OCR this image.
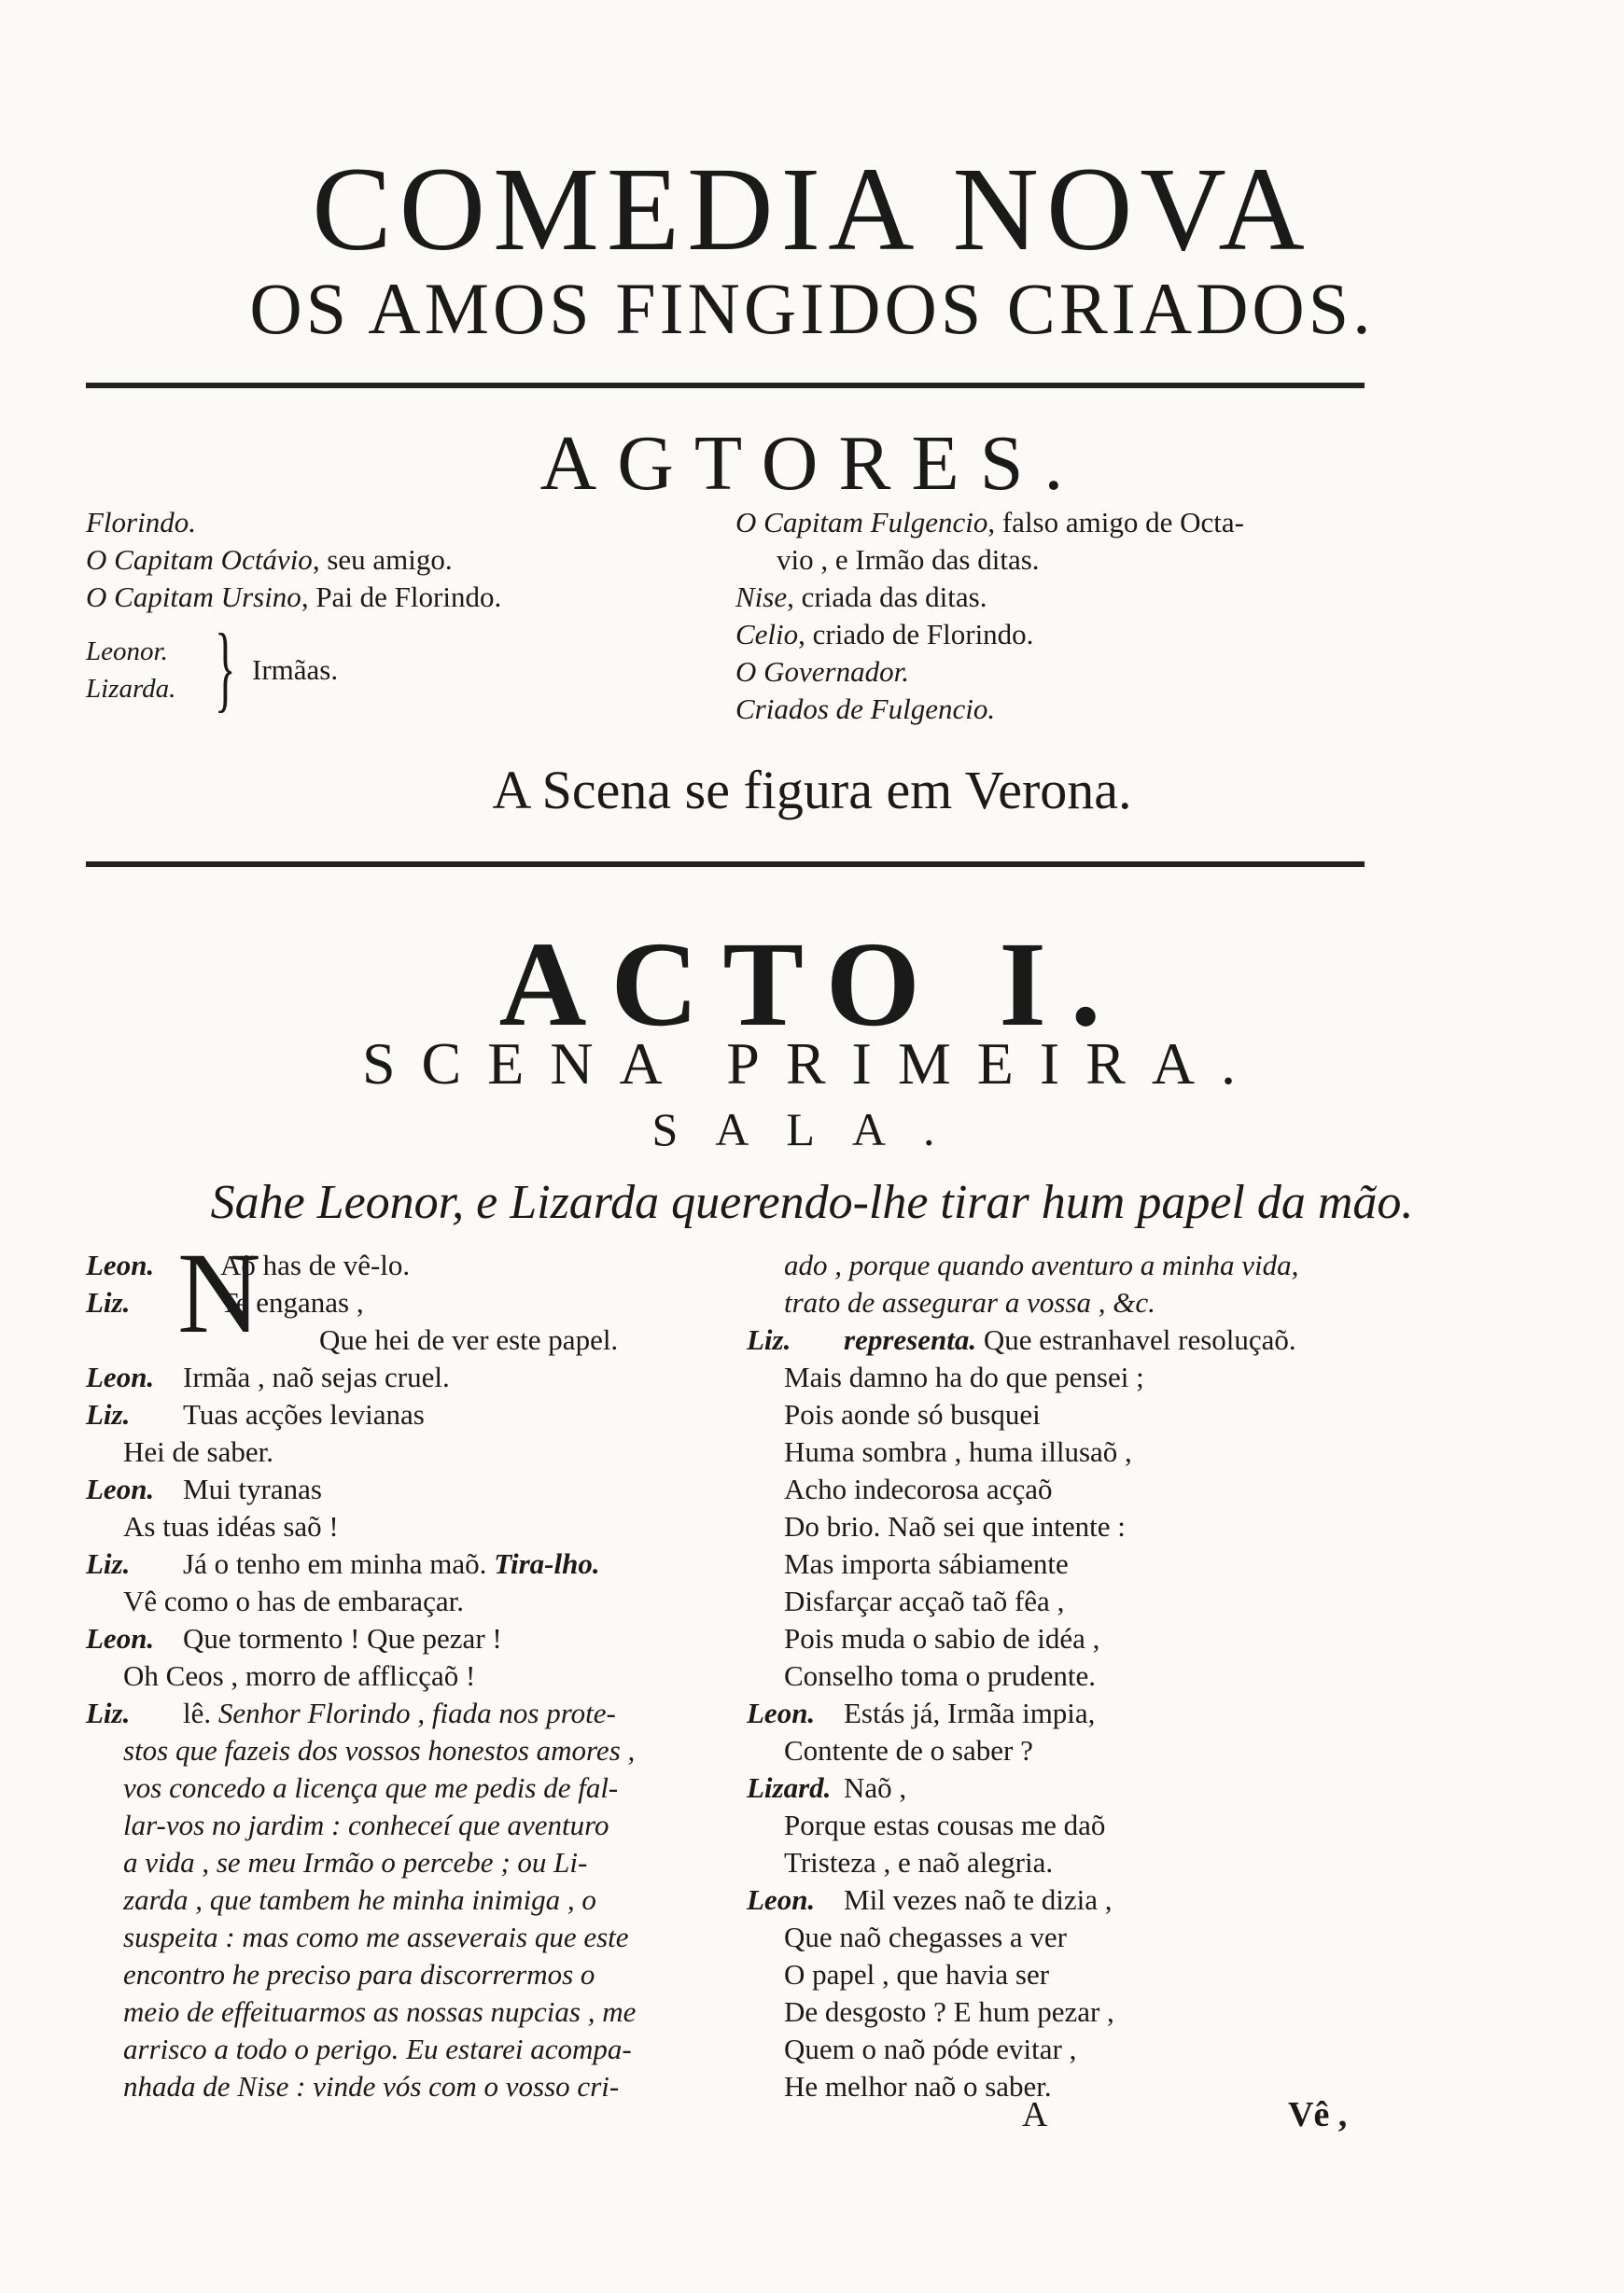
COMEDIA NOVA
OS AMOS FINGIDOS CRIADOS.
AGTORES.
Florindo.
O Capitam Octávio, seu amigo.
O Capitam Ursino, Pai de Florindo.
Leonor.
Lizarda. } Irmãas.
O Capitam Fulgencio, falso amigo de Octa-
vio , e Irmão das ditas.
Nise, criada das ditas.
Celio, criado de Florindo.
O Governador.
Criados de Fulgencio.
A Scena se figura em Verona.
ACTO I.
SCENA PRIMEIRA.
SALA.
Sahe Leonor, e Lizarda querendo-lhe tirar hum papel da mão.
N
Leon. Aõ has de vê-lo.
Liz.	Te enganas ,
Que hei de ver este papel.
Leon. Irmãa , naõ sejas cruel.
Liz. Tuas acções levianas
Hei de saber.
Leon. Mui tyranas
As tuas idéas saõ !
Liz. Já o tenho em minha maõ. Tira-lho.
Vê como o has de embaraçar.
Leon. Que tormento ! Que pezar !
Oh Ceos , morro de afflicçaõ !
Liz. lê. Senhor Florindo , fiada nos prote-
stos que fazeis dos vossos honestos amores ,
vos concedo a licença que me pedis de fal-
lar-vos no jardim : conheceí que aventuro
a vida , se meu Irmão o percebe ; ou Li-
zarda , que tambem he minha inimiga , o
suspeita : mas como me asseverais que este
encontro he preciso para discorrermos o
meio de effeituarmos as nossas nupcias , me
arrisco a todo o perigo. Eu estarei acompa-
nhada de Nise : vinde vós com o vosso cri-
ado , porque quando aventuro a minha vida,
trato de assegurar a vossa , &c.
Liz. representa. Que estranhavel resoluçaõ.
Mais damno ha do que pensei ;
Pois aonde só busquei
Huma sombra , huma illusaõ ,
Acho indecorosa acçaõ
Do brio. Naõ sei que intente :
Mas importa sábiamente
Disfarçar acçaõ taõ fêa ,
Pois muda o sabio de idéa ,
Conselho toma o prudente.
Leon. Estás já, Irmãa impia,
Contente de o saber ?
Lizard. Naõ ,
Porque estas cousas me daõ
Tristeza , e naõ alegria.
Leon. Mil vezes naõ te dizia ,
Que naõ chegasses a ver
O papel , que havia ser
De desgosto ? E hum pezar ,
Quem o naõ póde evitar ,
He melhor naõ o saber.
A	Vê ,
